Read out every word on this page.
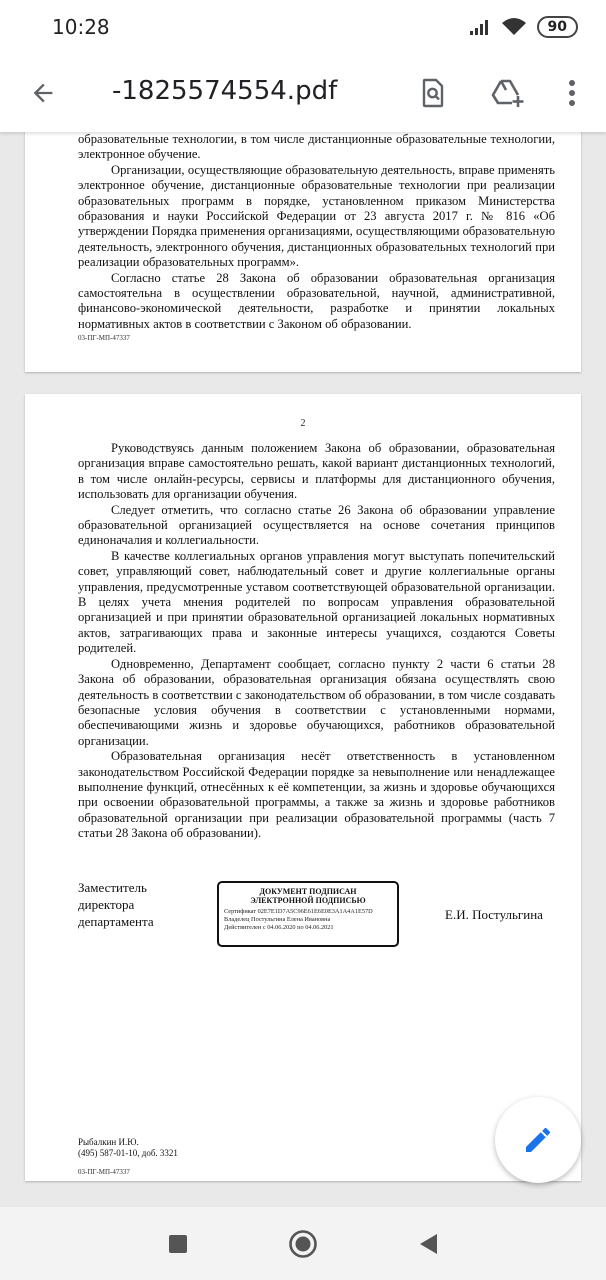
10:28	90
-1825574554.pdf

образовательные технологии, в том числе дистанционные образовательные технологии, электронное обучение.

Организации, осуществляющие образовательную деятельность, вправе применять электронное обучение, дистанционные образовательные технологии при реализации образовательных программ в порядке, установленном приказом Министерства образования и науки Российской Федерации от 23 августа 2017 г. № 816 «Об утверждении Порядка применения организациями, осуществляющими образовательную деятельность, электронного обучения, дистанционных образовательных технологий при реализации образовательных программ».

Согласно статье 28 Закона об образовании образовательная организация самостоятельна в осуществлении образовательной, научной, административной, финансово-экономической деятельности, разработке и принятии локальных нормативных актов в соответствии с Законом об образовании.

03-ПГ-МП-47337
2

Руководствуясь данным положением Закона об образовании, образовательная организация вправе самостоятельно решать, какой вариант дистанционных технологий, в том числе онлайн-ресурсы, сервисы и платформы для дистанционного обучения, использовать для организации обучения.

Следует отметить, что согласно статье 26 Закона об образовании управление образовательной организацией осуществляется на основе сочетания принципов единоначалия и коллегиальности.

В качестве коллегиальных органов управления могут выступать попечительский совет, управляющий совет, наблюдательный совет и другие коллегиальные органы управления, предусмотренные уставом соответствующей образовательной организации. В целях учета мнения родителей по вопросам управления образовательной организацией и при принятии образовательной организацией локальных нормативных актов, затрагивающих права и законные интересы учащихся, создаются Советы родителей.

Одновременно, Департамент сообщает, согласно пункту 2 части 6 статьи 28 Закона об образовании, образовательная организация обязана осуществлять свою деятельность в соответствии с законодательством об образовании, в том числе создавать безопасные условия обучения в соответствии с установленными нормами, обеспечивающими жизнь и здоровье обучающихся, работников образовательной организации.

Образовательная организация несёт ответственность в установленном законодательством Российской Федерации порядке за невыполнение или ненадлежащее выполнение функций, отнесённых к её компетенции, за жизнь и здоровье обучающихся при освоении образовательной программы, а также за жизнь и здоровье работников образовательной организации при реализации образовательной программы (часть 7 статьи 28 Закона об образовании).

Заместитель
директора
департамента
ДОКУМЕНТ ПОДПИСАН
ЭЛЕКТРОННОЙ ПОДПИСЬЮ
Сертификат 02E7E1D7A5C96E61E6E0E3A1A4A1E57D
Владелец Постульгина Елена Ивановна
Действителен с 04.06.2020 по 04.06.2021
Е.И. Постульгина
Рыбалкин И.Ю.
(495) 587-01-10, доб. 3321
03-ПГ-МП-47337
